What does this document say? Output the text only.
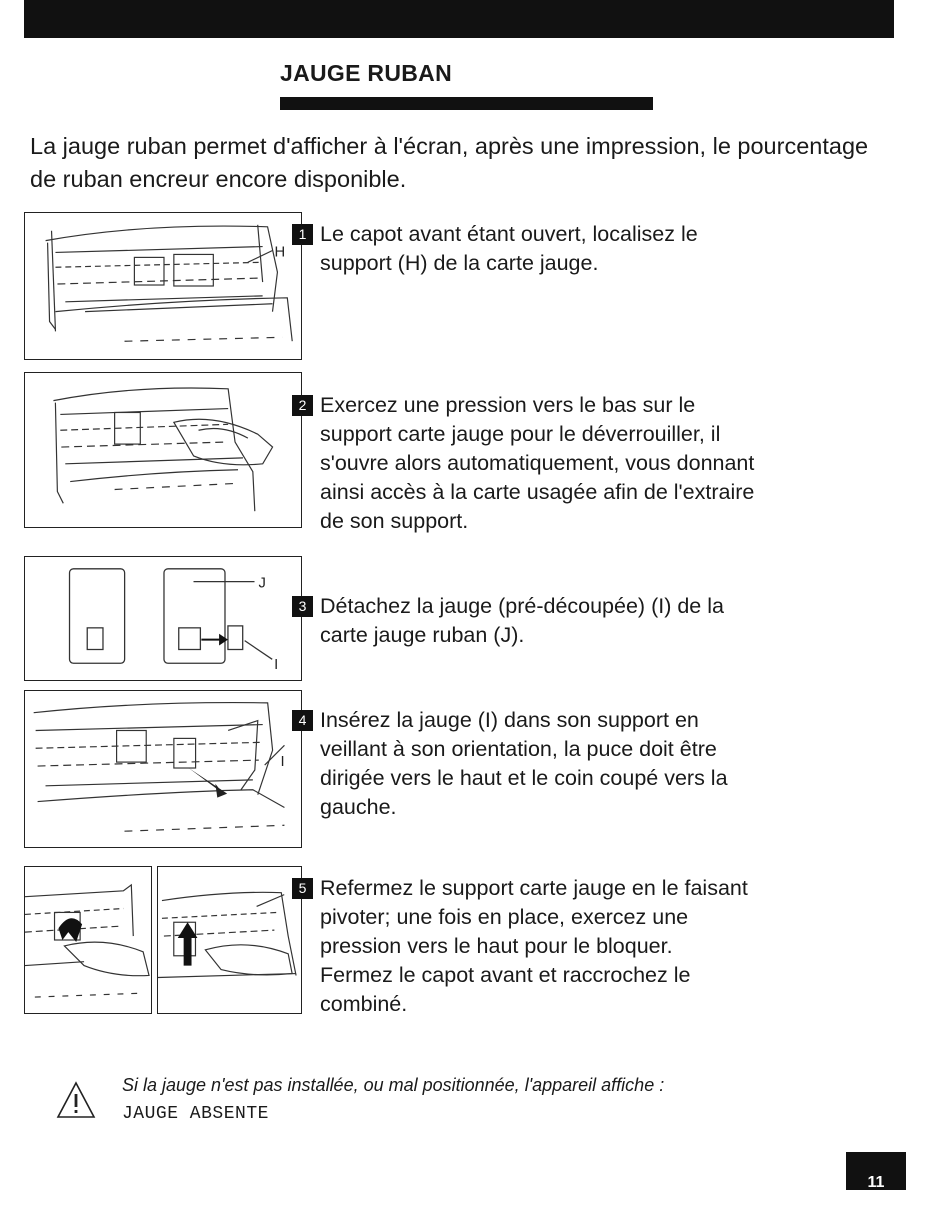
JAUGE RUBAN

La jauge ruban permet d'afficher à l'écran, après une impression, le pourcentage de ruban encreur encore disponible.

H
J
I
I

1 Le capot avant étant ouvert, localisez le support (H) de la carte jauge.

2 Exercez une pression vers le bas sur le support carte jauge pour le déverrouiller, il s'ouvre alors automatiquement, vous donnant ainsi accès à la carte usagée afin de l'extraire de son support.

3 Détachez la jauge (pré-découpée) (I) de la carte jauge ruban (J).

4 Insérez la jauge (I) dans son support en veillant à son orientation, la puce doit être dirigée vers le haut et le coin coupé vers la gauche.

5 Refermez le support carte jauge en le faisant pivoter; une fois en place, exercez une pression vers le haut pour le bloquer.
Fermez le capot avant et raccrochez le combiné.

Si la jauge n'est pas installée, ou mal positionnée, l'appareil affiche :

JAUGE ABSENTE

11
